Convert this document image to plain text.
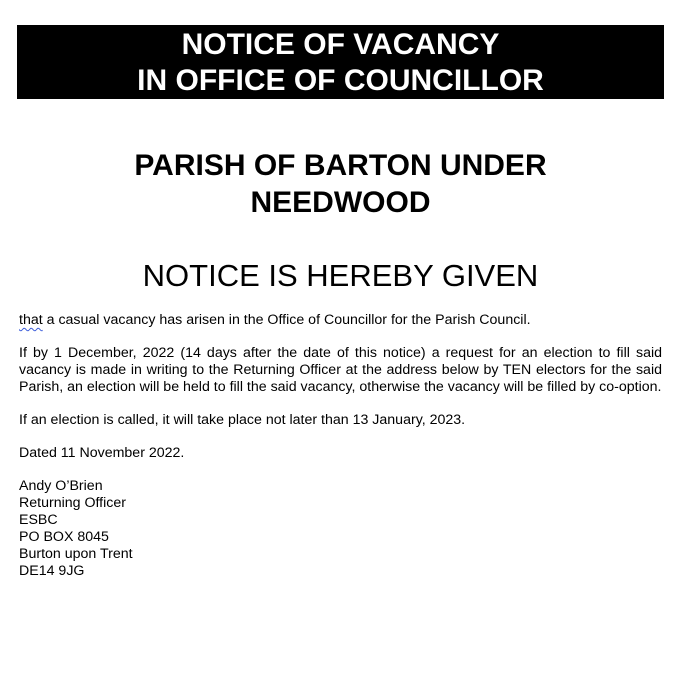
NOTICE OF VACANCY
IN OFFICE OF COUNCILLOR
PARISH OF BARTON UNDER
NEEDWOOD
NOTICE IS HEREBY GIVEN

that a casual vacancy has arisen in the Office of Councillor for the Parish Council.

If by 1 December, 2022 (14 days after the date of this notice) a request for an election to fill said vacancy is made in writing to the Returning Officer at the address below by TEN electors for the said Parish, an election will be held to fill the said vacancy, otherwise the vacancy will be filled by co-option.

If an election is called, it will take place not later than 13 January, 2023.

Dated 11 November 2022.

Andy O’Brien
Returning Officer
ESBC
PO BOX 8045
Burton upon Trent
DE14 9JG
